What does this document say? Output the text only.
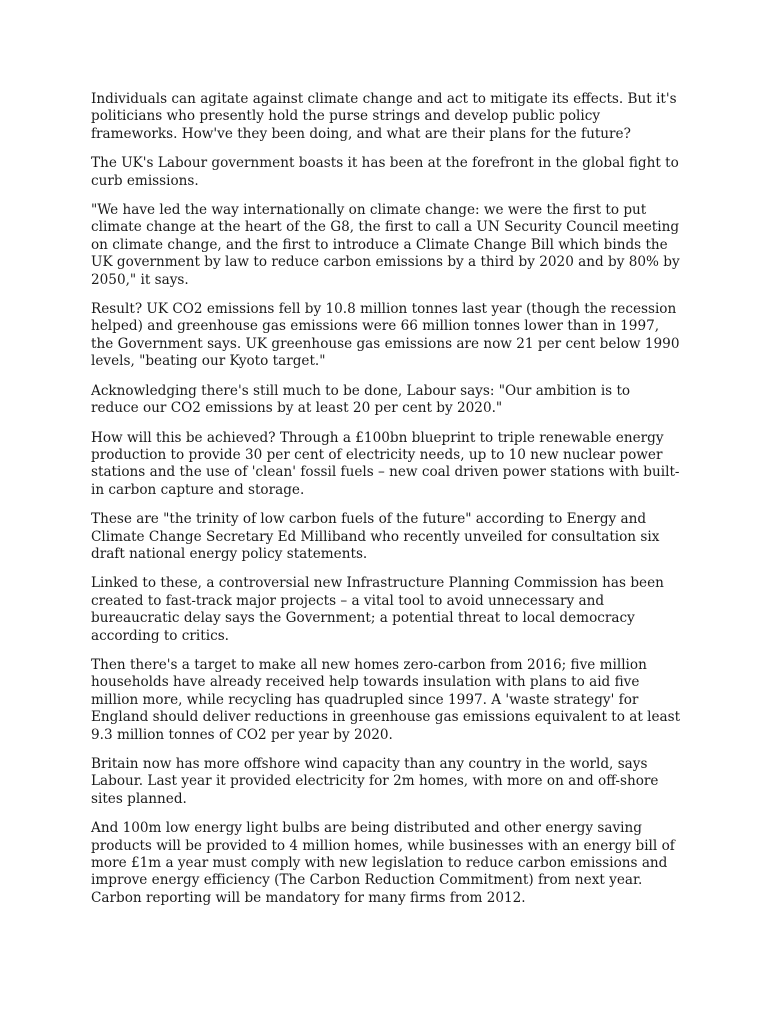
Individuals can agitate against climate change and act to mitigate its effects. But it's politicians who presently hold the purse strings and develop public policy frameworks. How've they been doing, and what are their plans for the future?

The UK's Labour government boasts it has been at the forefront in the global fight to curb emissions.

"We have led the way internationally on climate change: we were the first to put climate change at the heart of the G8, the first to call a UN Security Council meeting on climate change, and the first to introduce a Climate Change Bill which binds the UK government by law to reduce carbon emissions by a third by 2020 and by 80% by 2050," it says.

Result? UK CO2 emissions fell by 10.8 million tonnes last year (though the recession helped) and greenhouse gas emissions were 66 million tonnes lower than in 1997, the Government says. UK greenhouse gas emissions are now 21 per cent below 1990 levels, "beating our Kyoto target."

Acknowledging there's still much to be done, Labour says: "Our ambition is to reduce our CO2 emissions by at least 20 per cent by 2020."

How will this be achieved? Through a £100bn blueprint to triple renewable energy production to provide 30 per cent of electricity needs, up to 10 new nuclear power stations and the use of 'clean' fossil fuels – new coal driven power stations with built-in carbon capture and storage.

These are "the trinity of low carbon fuels of the future" according to Energy and Climate Change Secretary Ed Milliband who recently unveiled for consultation six draft national energy policy statements.

Linked to these, a controversial new Infrastructure Planning Commission has been created to fast-track major projects – a vital tool to avoid unnecessary and bureaucratic delay says the Government; a potential threat to local democracy according to critics.

Then there's a target to make all new homes zero-carbon from 2016; five million households have already received help towards insulation with plans to aid five million more, while recycling has quadrupled since 1997. A 'waste strategy' for England should deliver reductions in greenhouse gas emissions equivalent to at least 9.3 million tonnes of CO2 per year by 2020.

Britain now has more offshore wind capacity than any country in the world, says Labour. Last year it provided electricity for 2m homes, with more on and off-shore sites planned.

And 100m low energy light bulbs are being distributed and other energy saving products will be provided to 4 million homes, while businesses with an energy bill of more £1m a year must comply with new legislation to reduce carbon emissions and improve energy efficiency (The Carbon Reduction Commitment) from next year. Carbon reporting will be mandatory for many firms from 2012.
